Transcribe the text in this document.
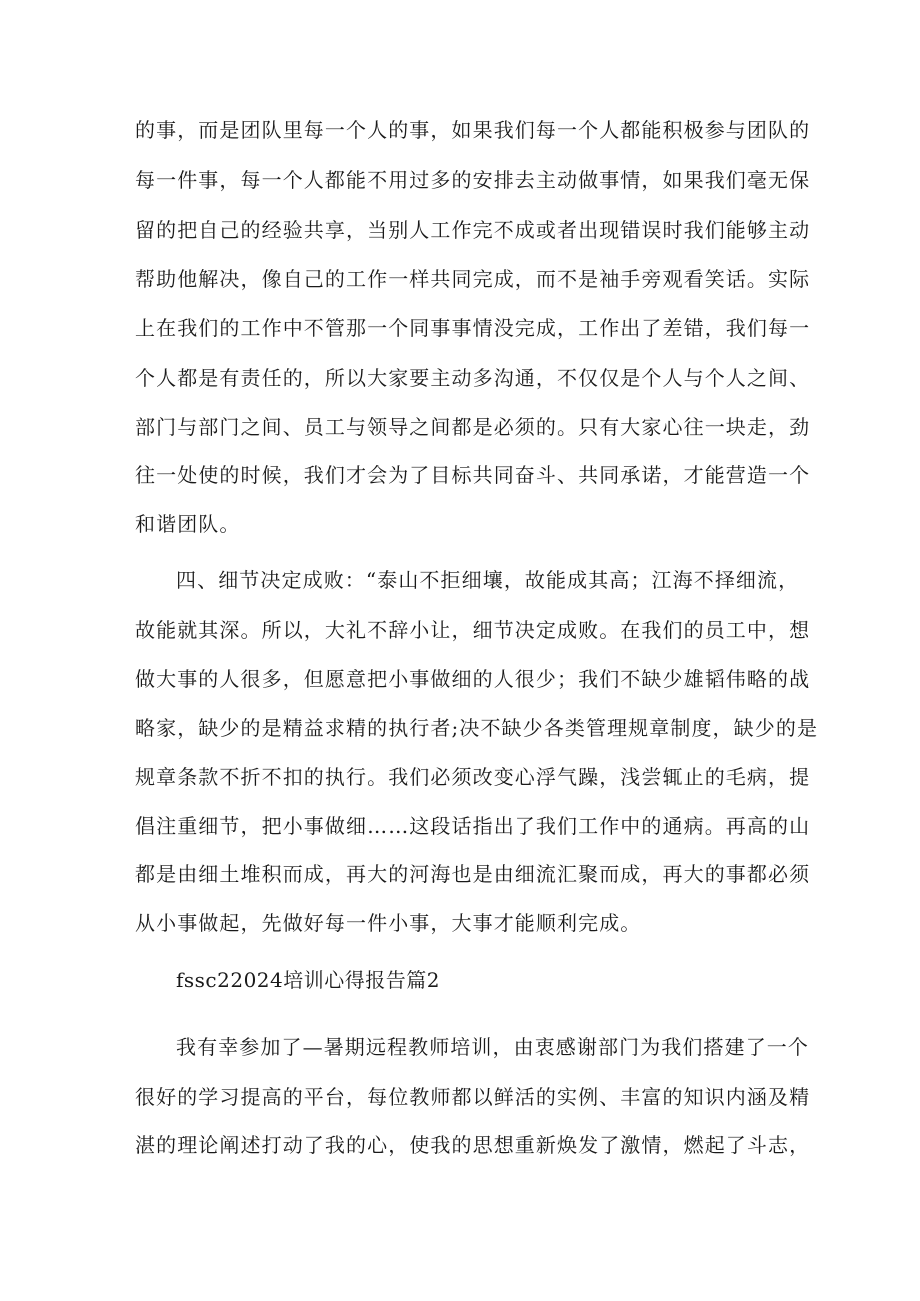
的事，而是团队里每一个人的事，如果我们每一个人都能积极参与团队的
每一件事，每一个人都能不用过多的安排去主动做事情，如果我们毫无保
留的把自己的经验共享，当别人工作完不成或者出现错误时我们能够主动
帮助他解决，像自己的工作一样共同完成，而不是袖手旁观看笑话。实际
上在我们的工作中不管那一个同事事情没完成，工作出了差错，我们每一
个人都是有责任的，所以大家要主动多沟通，不仅仅是个人与个人之间、
部门与部门之间、员工与领导之间都是必须的。只有大家心往一块走，劲
往一处使的时候，我们才会为了目标共同奋斗、共同承诺，才能营造一个
和谐团队。
四、细节决定成败：“泰山不拒细壤，故能成其高；江海不择细流，
故能就其深。所以，大礼不辞小让，细节决定成败。在我们的员工中，想
做大事的人很多，但愿意把小事做细的人很少；我们不缺少雄韬伟略的战
略家，缺少的是精益求精的执行者;决不缺少各类管理规章制度，缺少的是
规章条款不折不扣的执行。我们必须改变心浮气躁，浅尝辄止的毛病，提
倡注重细节，把小事做细……这段话指出了我们工作中的通病。再高的山
都是由细土堆积而成，再大的河海也是由细流汇聚而成，再大的事都必须
从小事做起，先做好每一件小事，大事才能顺利完成。
fssc22024培训心得报告篇2
我有幸参加了—暑期远程教师培训，由衷感谢部门为我们搭建了一个
很好的学习提高的平台，每位教师都以鲜活的实例、丰富的知识内涵及精
湛的理论阐述打动了我的心，使我的思想重新焕发了激情，燃起了斗志，
